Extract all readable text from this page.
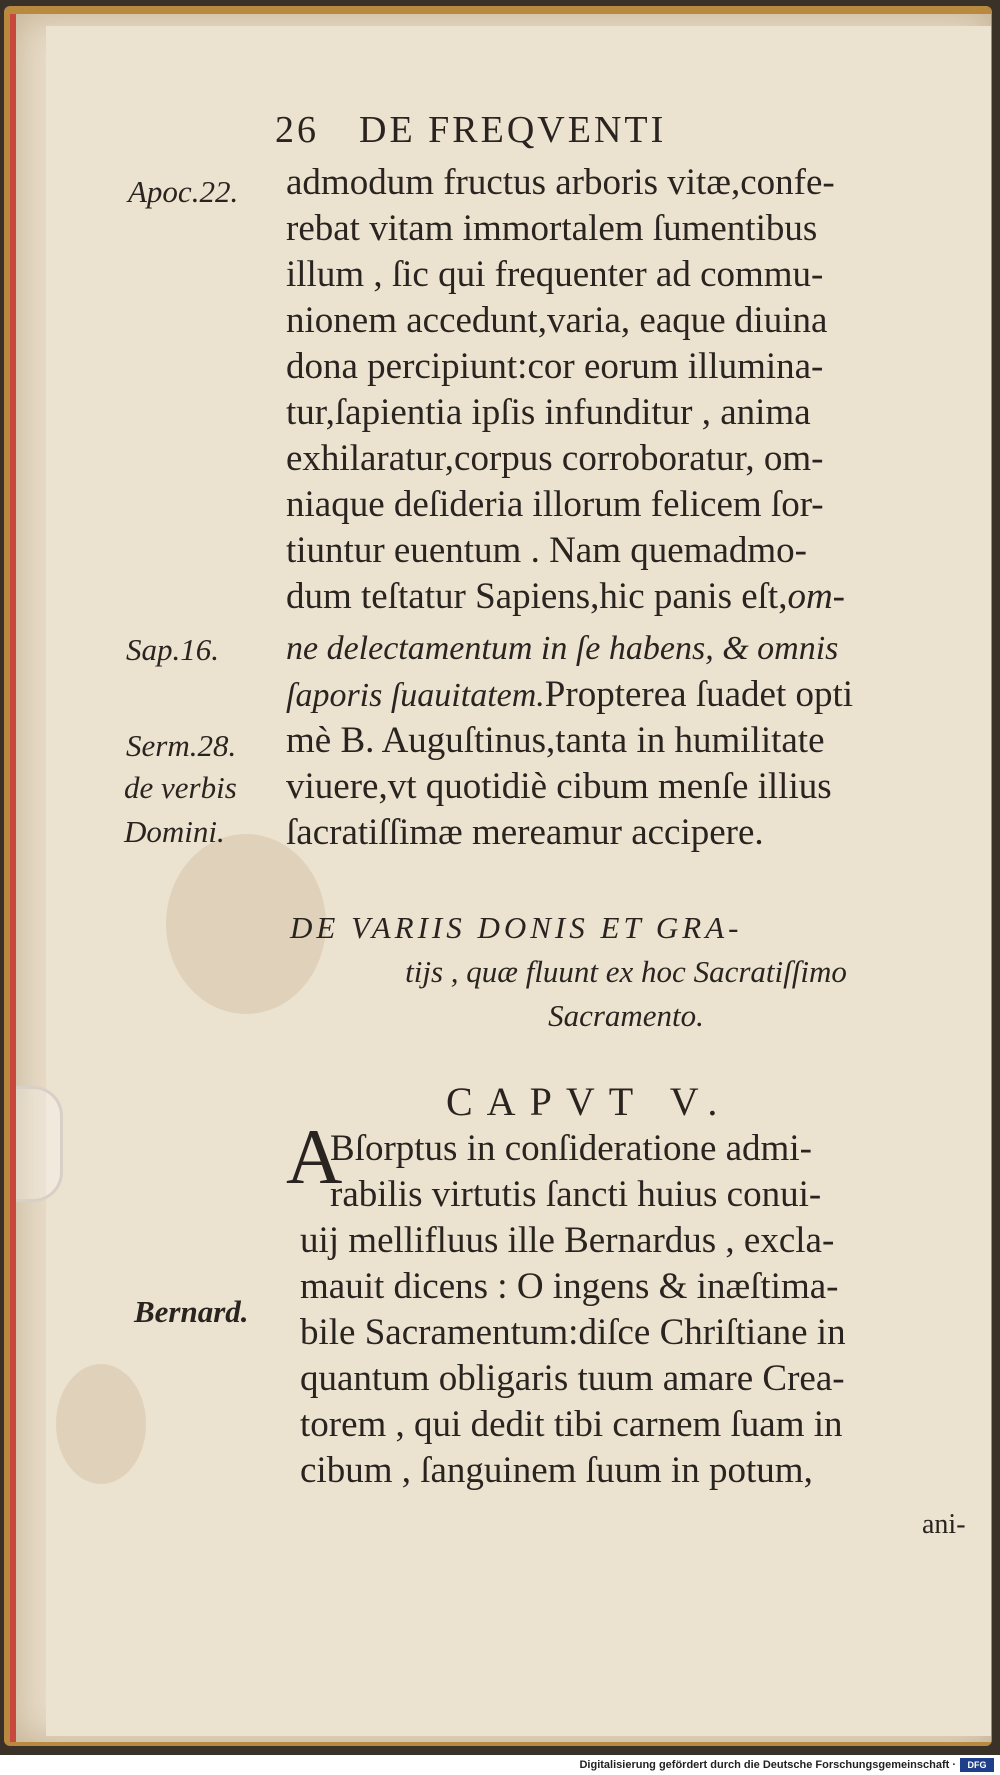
26 DE FREQVENTI
Apoc.22.
Sap.16.
Serm.28.
de verbis
Domini.
Bernard.
admodum fructus arboris vitæ,confe-
rebat vitam immortalem ſumentibus
illum , ſic qui frequenter ad commu-
nionem accedunt,varia, eaque diuina
dona percipiunt:cor eorum illumina-
tur,ſapientia ipſis infunditur , anima
exhilaratur,corpus corroboratur, om-
niaque deſideria illorum felicem ſor-
tiuntur euentum . Nam quemadmo-
dum teſtatur Sapiens,hic panis eſt,om-
ne delectamentum in ſe habens, & omnis
ſaporis ſuauitatem.Propterea ſuadet opti
mè B. Auguſtinus,tanta in humilitate
viuere,vt quotidiè cibum menſe illius
ſacratiſſimæ mereamur accipere.
DE VARIIS DONIS ET GRA-
tijs , quæ fluunt ex hoc Sacratiſſimo
Sacramento.
CAPVT V.
A
Bſorptus in conſideratione admi-
rabilis virtutis ſancti huius conui-
uij mellifluus ille Bernardus , excla-
mauit dicens : O ingens & inæſtima-
bile Sacramentum:diſce Chriſtiane in
quantum obligaris tuum amare Crea-
torem , qui dedit tibi carnem ſuam in
cibum , ſanguinem ſuum in potum,
ani-
Digitalisierung gefördert durch die Deutsche Forschungsgemeinschaft ·	DFG
